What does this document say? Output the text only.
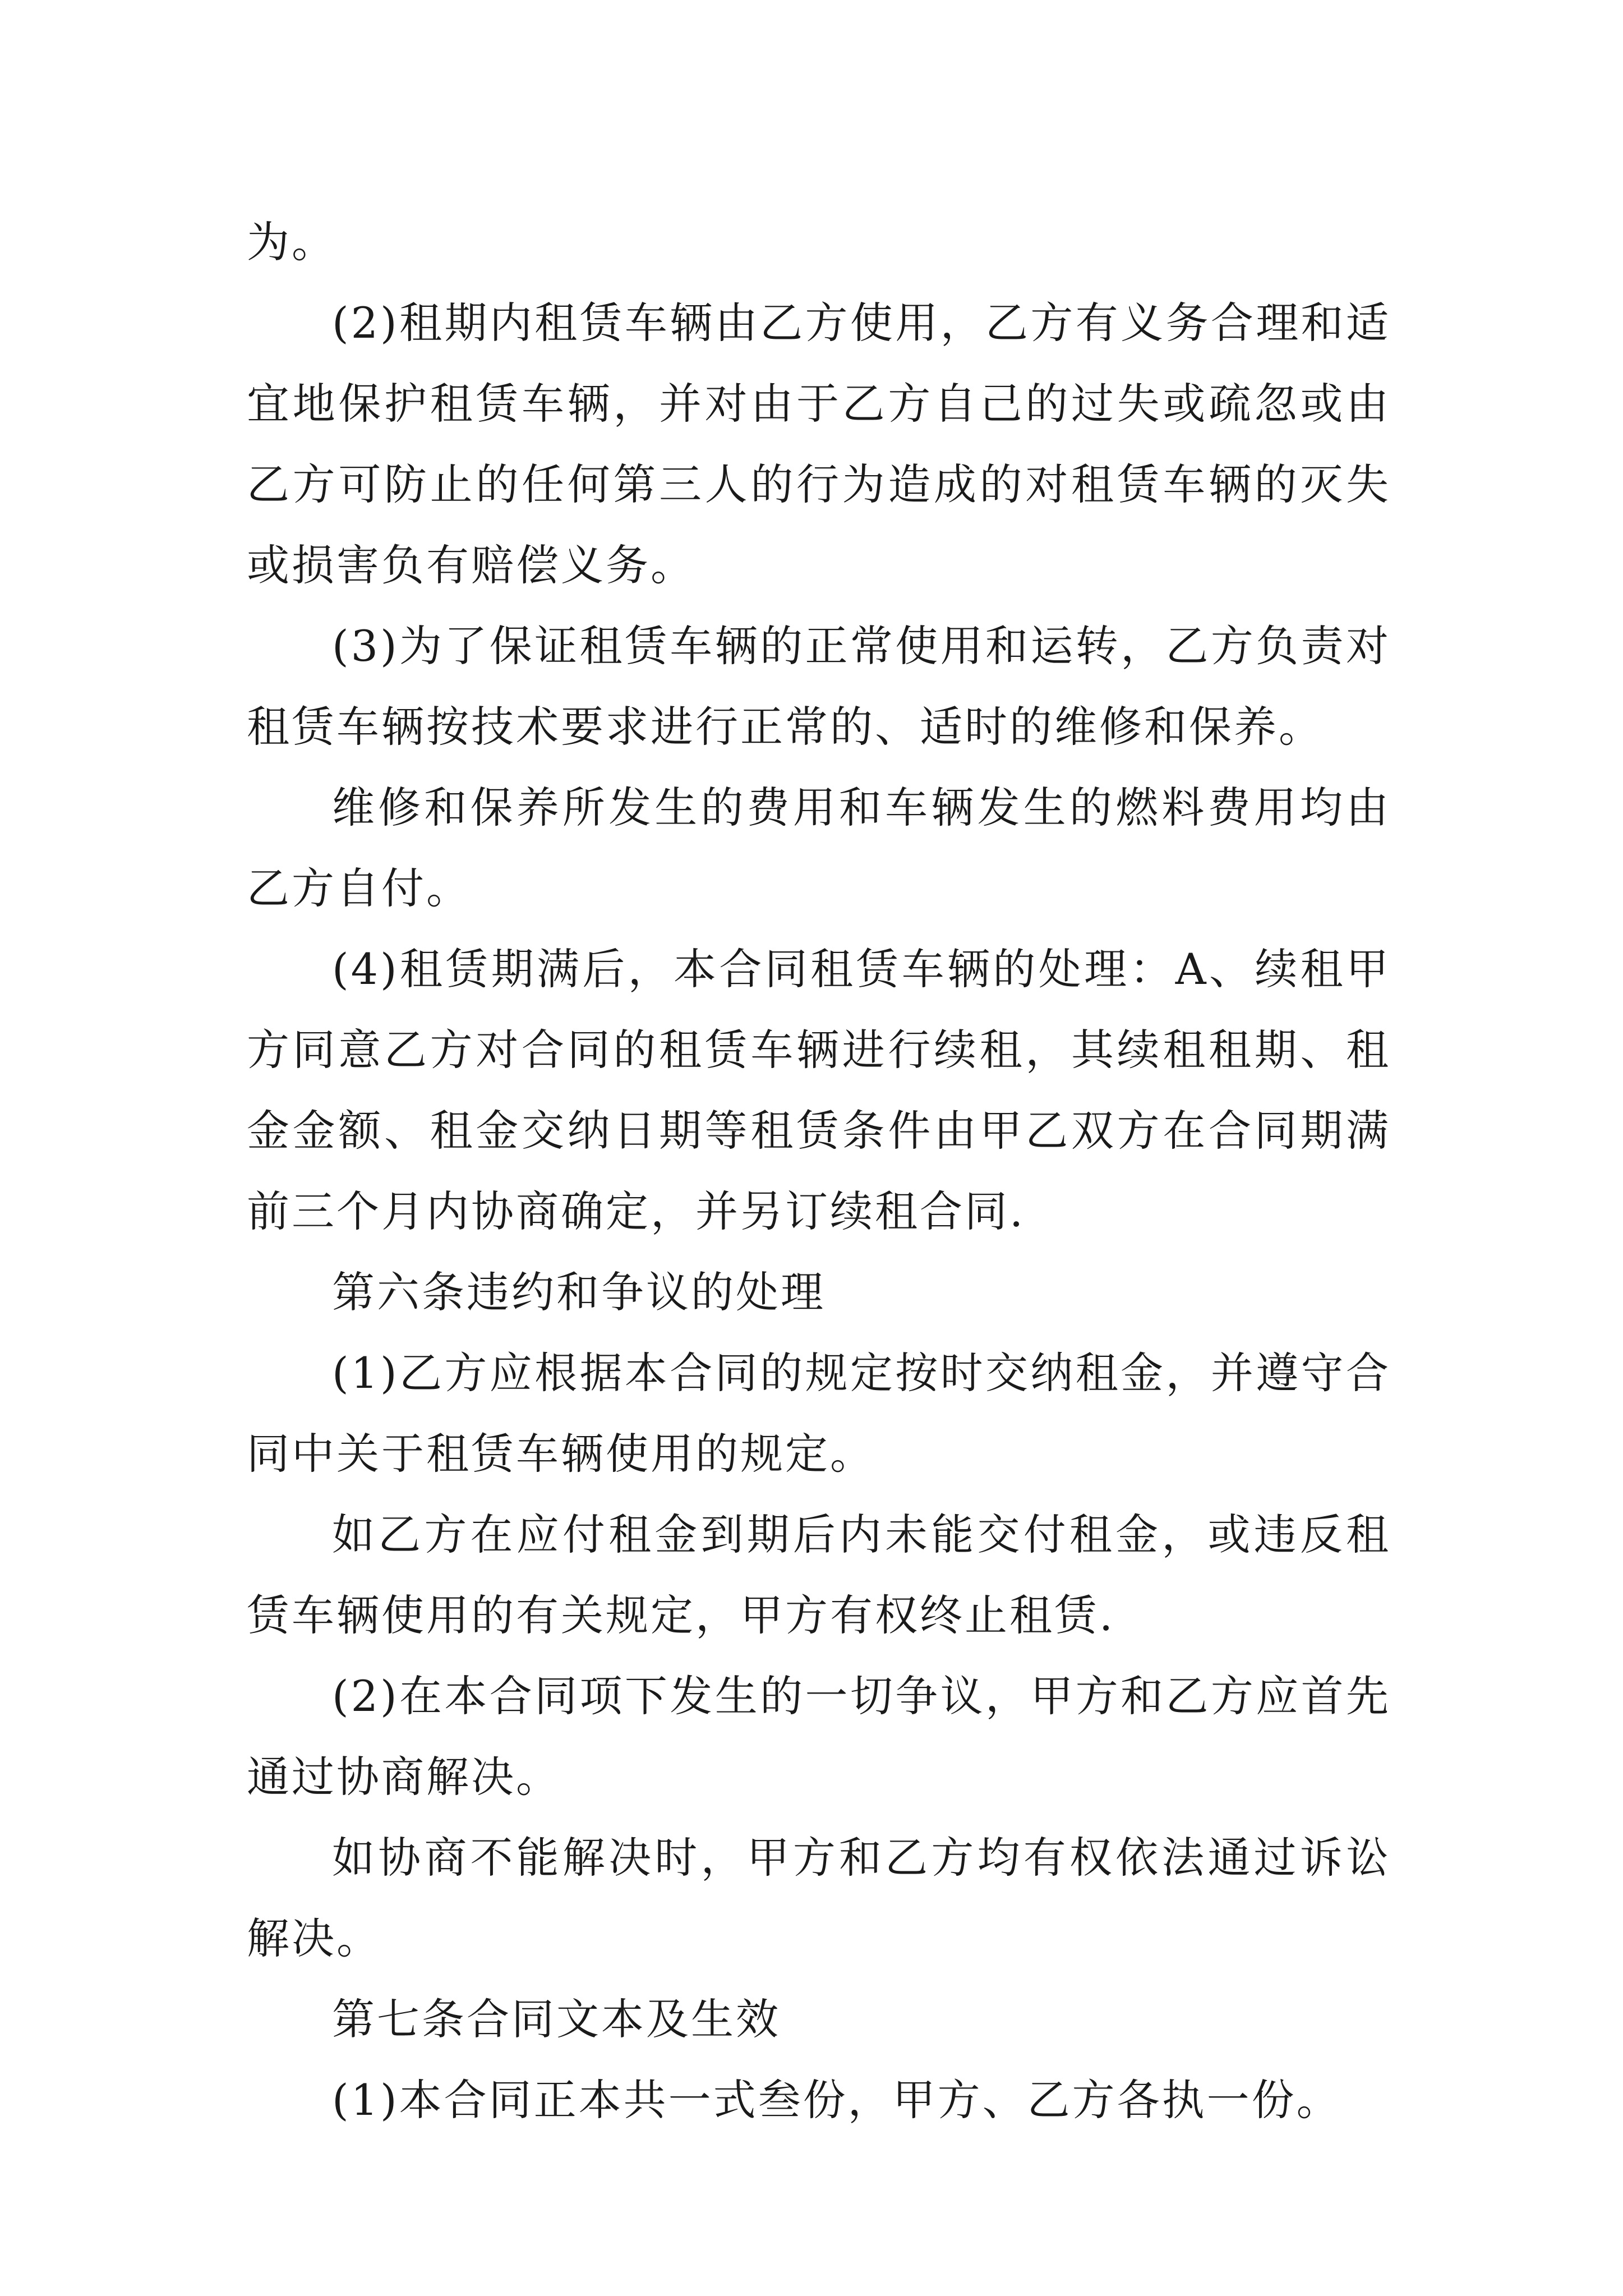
为。

(2)租期内租赁车辆由乙方使用，乙方有义务合理和适宜地保护租赁车辆，并对由于乙方自己的过失或疏忽或由乙方可防止的任何第三人的行为造成的对租赁车辆的灭失或损害负有赔偿义务。

(3)为了保证租赁车辆的正常使用和运转，乙方负责对租赁车辆按技术要求进行正常的、适时的维修和保养。

维修和保养所发生的费用和车辆发生的燃料费用均由乙方自付。

(4)租赁期满后，本合同租赁车辆的处理：A、续租甲方同意乙方对合同的租赁车辆进行续租，其续租租期、租金金额、租金交纳日期等租赁条件由甲乙双方在合同期满前三个月内协商确定，并另订续租合同.

第六条违约和争议的处理

(1)乙方应根据本合同的规定按时交纳租金，并遵守合同中关于租赁车辆使用的规定。

如乙方在应付租金到期后内未能交付租金，或违反租赁车辆使用的有关规定，甲方有权终止租赁.

(2)在本合同项下发生的一切争议，甲方和乙方应首先通过协商解决。

如协商不能解决时，甲方和乙方均有权依法通过诉讼解决。

第七条合同文本及生效

(1)本合同正本共一式叁份，甲方、乙方各执一份。
